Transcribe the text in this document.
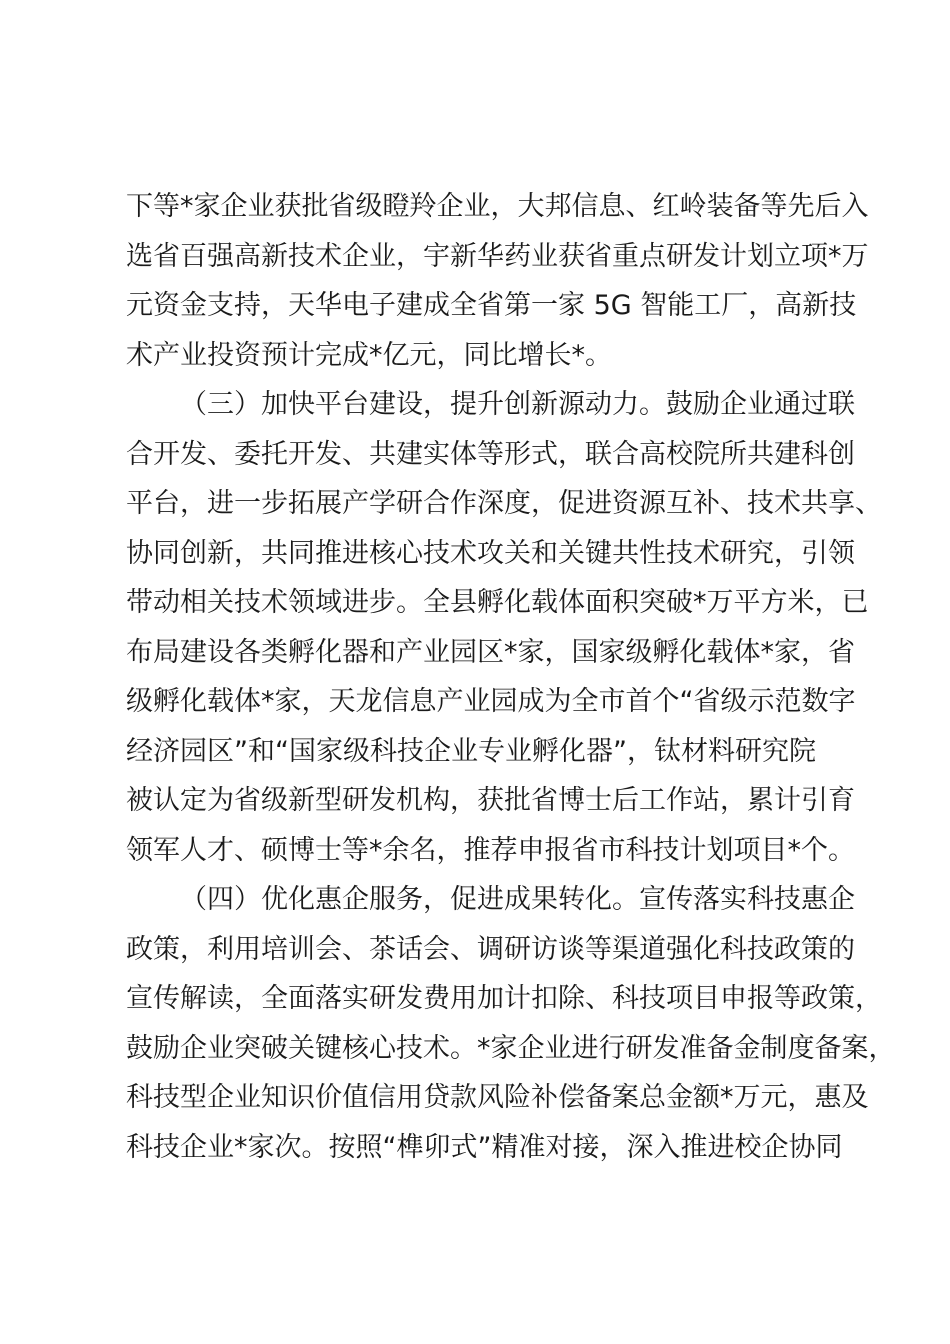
下等*家企业获批省级瞪羚企业，大邦信息、红岭装备等先后入
选省百强高新技术企业，宇新华药业获省重点研发计划立项*万
元资金支持，天华电子建成全省第一家 5G 智能工厂，高新技
术产业投资预计完成*亿元，同比增长*。
（三）加快平台建设，提升创新源动力。鼓励企业通过联
合开发、委托开发、共建实体等形式，联合高校院所共建科创
平台，进一步拓展产学研合作深度，促进资源互补、技术共享、
协同创新，共同推进核心技术攻关和关键共性技术研究，引领
带动相关技术领域进步。全县孵化载体面积突破*万平方米，已
布局建设各类孵化器和产业园区*家，国家级孵化载体*家，省
级孵化载体*家，天龙信息产业园成为全市首个“省级示范数字
经济园区”和“国家级科技企业专业孵化器”，钛材料研究院
被认定为省级新型研发机构，获批省博士后工作站，累计引育
领军人才、硕博士等*余名，推荐申报省市科技计划项目*个。
（四）优化惠企服务，促进成果转化。宣传落实科技惠企
政策，利用培训会、茶话会、调研访谈等渠道强化科技政策的
宣传解读，全面落实研发费用加计扣除、科技项目申报等政策，
鼓励企业突破关键核心技术。*家企业进行研发准备金制度备案，
科技型企业知识价值信用贷款风险补偿备案总金额*万元，惠及
科技企业*家次。按照“榫卯式”精准对接，深入推进校企协同
